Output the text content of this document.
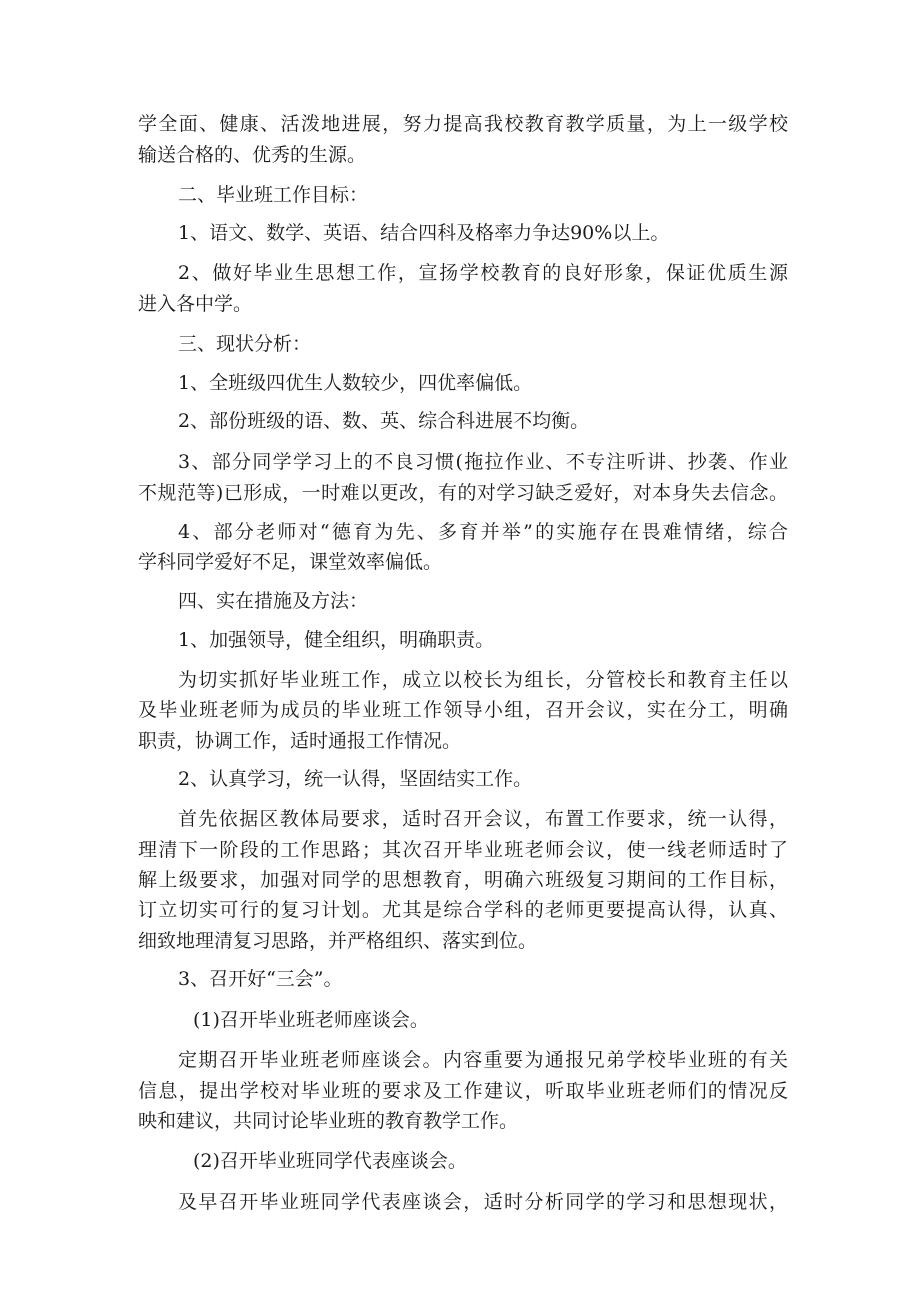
学全面、健康、活泼地进展，努力提高我校教育教学质量，为上一级学校
输送合格的、优秀的生源。
二、毕业班工作目标：
1、语文、数学、英语、结合四科及格率力争达90%以上。
2、做好毕业生思想工作，宣扬学校教育的良好形象，保证优质生源
进入各中学。
三、现状分析：
1、全班级四优生人数较少，四优率偏低。
2、部份班级的语、数、英、综合科进展不均衡。
3、部分同学学习上的不良习惯(拖拉作业、不专注听讲、抄袭、作业
不规范等)已形成，一时难以更改，有的对学习缺乏爱好，对本身失去信念。
4、部分老师对“德育为先、多育并举”的实施存在畏难情绪，综合
学科同学爱好不足，课堂效率偏低。
四、实在措施及方法：
1、加强领导，健全组织，明确职责。
为切实抓好毕业班工作，成立以校长为组长，分管校长和教育主任以
及毕业班老师为成员的毕业班工作领导小组，召开会议，实在分工，明确
职责，协调工作，适时通报工作情况。
2、认真学习，统一认得，坚固结实工作。
首先依据区教体局要求，适时召开会议，布置工作要求，统一认得，
理清下一阶段的工作思路；其次召开毕业班老师会议，使一线老师适时了
解上级要求，加强对同学的思想教育，明确六班级复习期间的工作目标，
订立切实可行的复习计划。尤其是综合学科的老师更要提高认得，认真、
细致地理清复习思路，并严格组织、落实到位。
3、召开好“三会”。
(1)召开毕业班老师座谈会。
定期召开毕业班老师座谈会。内容重要为通报兄弟学校毕业班的有关
信息，提出学校对毕业班的要求及工作建议，听取毕业班老师们的情况反
映和建议，共同讨论毕业班的教育教学工作。
(2)召开毕业班同学代表座谈会。
及早召开毕业班同学代表座谈会，适时分析同学的学习和思想现状，
